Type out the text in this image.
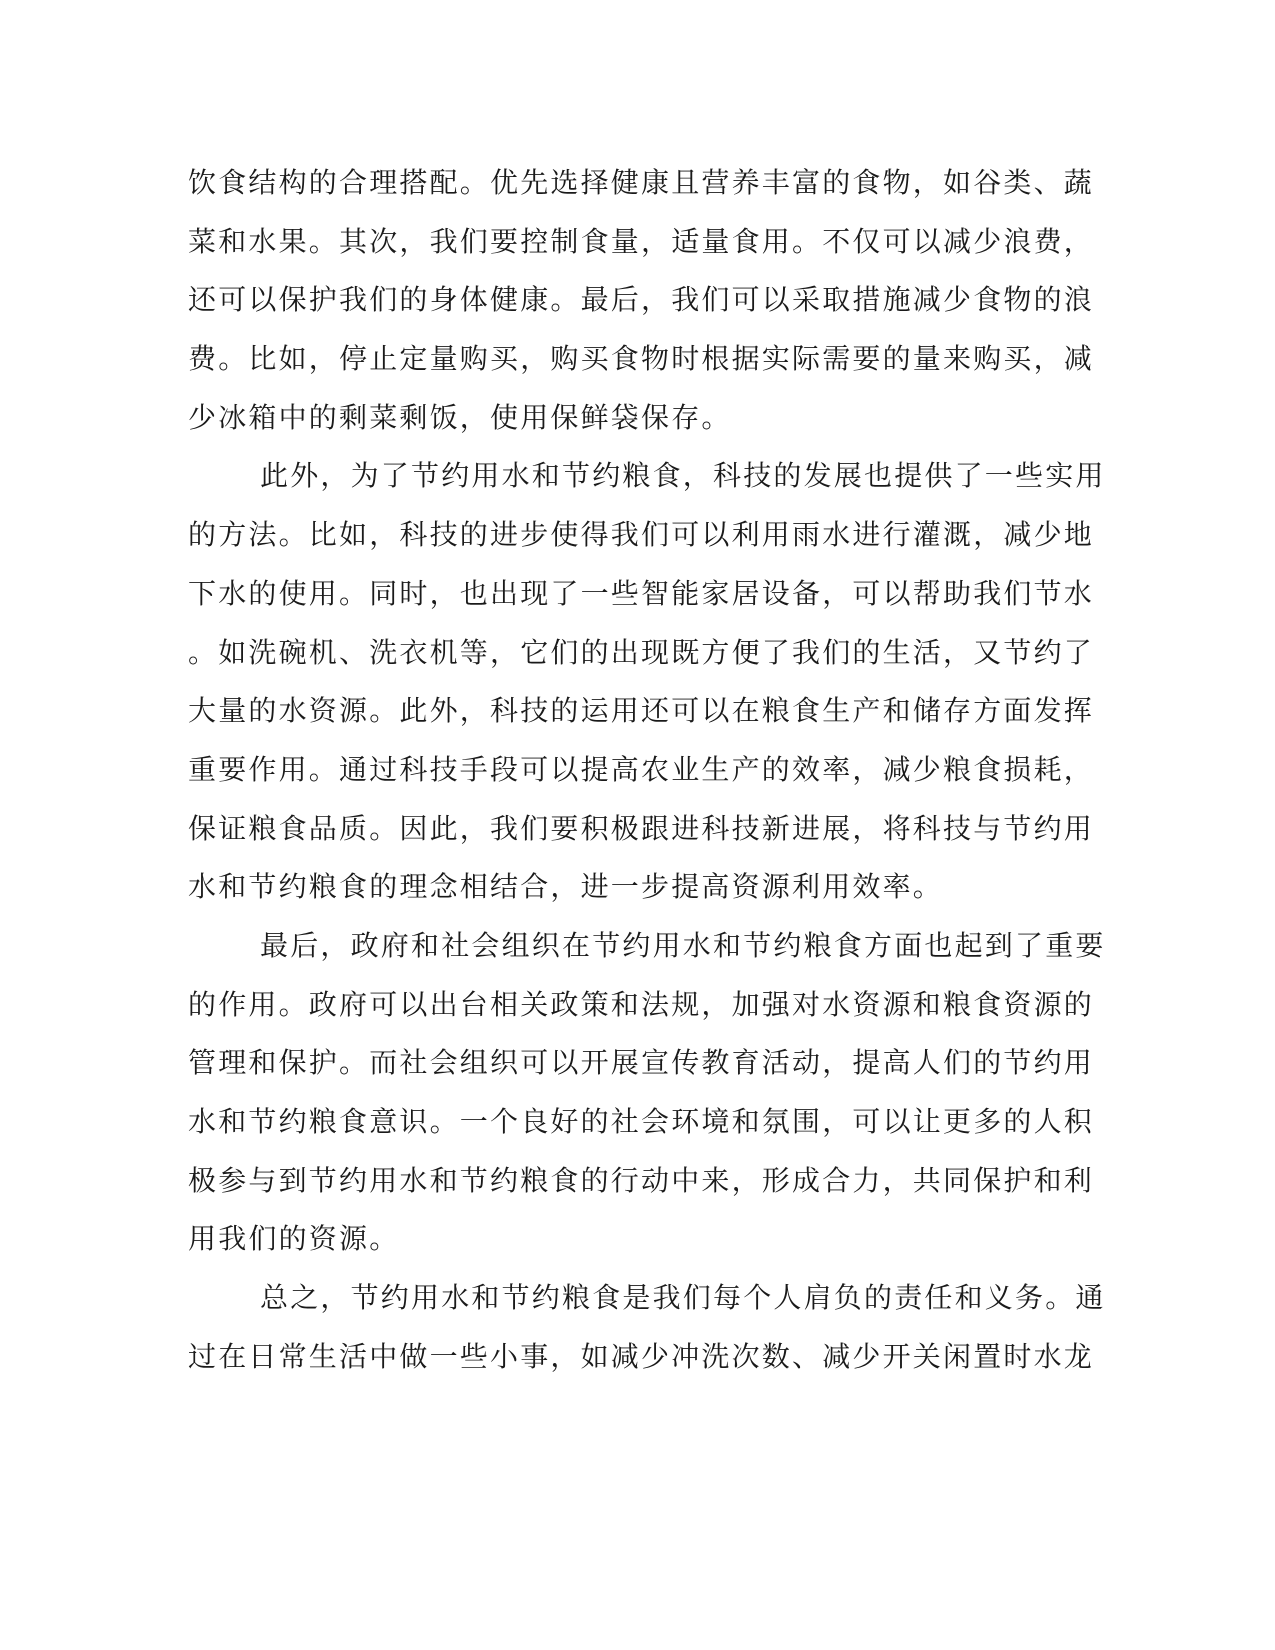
饮食结构的合理搭配。优先选择健康且营养丰富的食物，如谷类、蔬
菜和水果。其次，我们要控制食量，适量食用。不仅可以减少浪费，
还可以保护我们的身体健康。最后，我们可以采取措施减少食物的浪
费。比如，停止定量购买，购买食物时根据实际需要的量来购买，减
少冰箱中的剩菜剩饭，使用保鲜袋保存。
此外，为了节约用水和节约粮食，科技的发展也提供了一些实用
的方法。比如，科技的进步使得我们可以利用雨水进行灌溉，减少地
下水的使用。同时，也出现了一些智能家居设备，可以帮助我们节水
。如洗碗机、洗衣机等，它们的出现既方便了我们的生活，又节约了
大量的水资源。此外，科技的运用还可以在粮食生产和储存方面发挥
重要作用。通过科技手段可以提高农业生产的效率，减少粮食损耗，
保证粮食品质。因此，我们要积极跟进科技新进展，将科技与节约用
水和节约粮食的理念相结合，进一步提高资源利用效率。
最后，政府和社会组织在节约用水和节约粮食方面也起到了重要
的作用。政府可以出台相关政策和法规，加强对水资源和粮食资源的
管理和保护。而社会组织可以开展宣传教育活动，提高人们的节约用
水和节约粮食意识。一个良好的社会环境和氛围，可以让更多的人积
极参与到节约用水和节约粮食的行动中来，形成合力，共同保护和利
用我们的资源。
总之，节约用水和节约粮食是我们每个人肩负的责任和义务。通
过在日常生活中做一些小事，如减少冲洗次数、减少开关闲置时水龙
